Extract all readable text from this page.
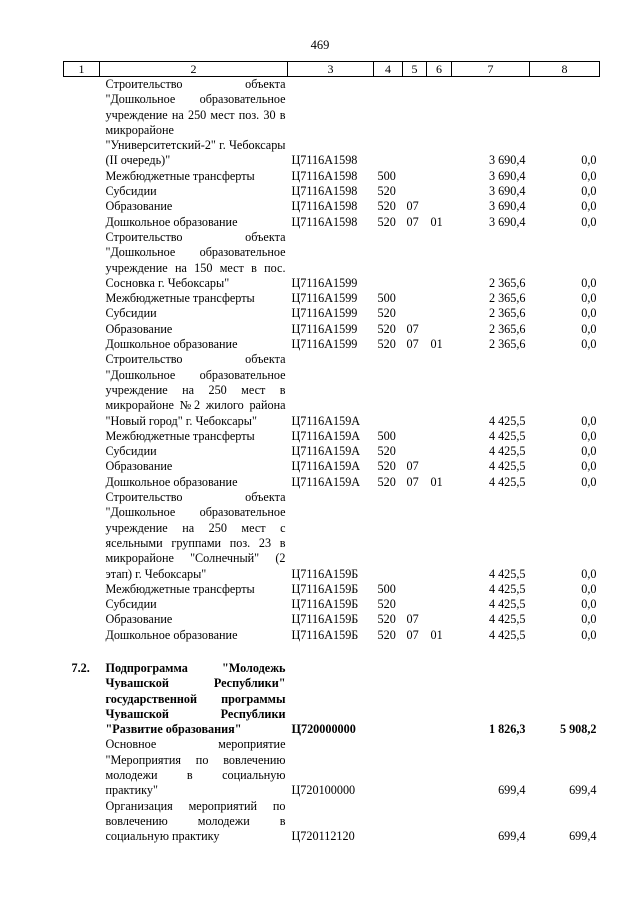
469
1	2	3	4	5	6	7	8
	Строительство объекта "Дошкольное образовательное учреждение на 250 мест поз. 30 в микрорайоне "Университетский-2" г. Чебоксары (II очередь)"	Ц7116А1598				3 690,4	0,0
	Межбюджетные трансферты	Ц7116А1598	500			3 690,4	0,0
	Субсидии	Ц7116А1598	520			3 690,4	0,0
	Образование	Ц7116А1598	520	07		3 690,4	0,0
	Дошкольное образование	Ц7116А1598	520	07	01	3 690,4	0,0
	Строительство объекта "Дошкольное образовательное учреждение на 150 мест в пос. Сосновка г. Чебоксары"	Ц7116А1599				2 365,6	0,0
	Межбюджетные трансферты	Ц7116А1599	500			2 365,6	0,0
	Субсидии	Ц7116А1599	520			2 365,6	0,0
	Образование	Ц7116А1599	520	07		2 365,6	0,0
	Дошкольное образование	Ц7116А1599	520	07	01	2 365,6	0,0
	Строительство объекта "Дошкольное образовательное учреждение на 250 мест в микрорайоне №2 жилого района "Новый город" г. Чебоксары"	Ц7116А159А				4 425,5	0,0
	Межбюджетные трансферты	Ц7116А159А	500			4 425,5	0,0
	Субсидии	Ц7116А159А	520			4 425,5	0,0
	Образование	Ц7116А159А	520	07		4 425,5	0,0
	Дошкольное образование	Ц7116А159А	520	07	01	4 425,5	0,0
	Строительство объекта "Дошкольное образовательное учреждение на 250 мест с ясельными группами поз. 23 в микрорайоне "Солнечный" (2 этап) г. Чебоксары"	Ц7116А159Б				4 425,5	0,0
	Межбюджетные трансферты	Ц7116А159Б	500			4 425,5	0,0
	Субсидии	Ц7116А159Б	520			4 425,5	0,0
	Образование	Ц7116А159Б	520	07		4 425,5	0,0
	Дошкольное образование	Ц7116А159Б	520	07	01	4 425,5	0,0

7.2.	Подпрограмма "Молодежь Чувашской Республики" государственной программы Чувашской Республики "Развитие образования"	Ц720000000				1 826,3	5 908,2
	Основное мероприятие "Мероприятия по вовлечению молодежи в социальную практику"	Ц720100000				699,4	699,4
	Организация мероприятий по вовлечению молодежи в социальную практику	Ц720112120				699,4	699,4
